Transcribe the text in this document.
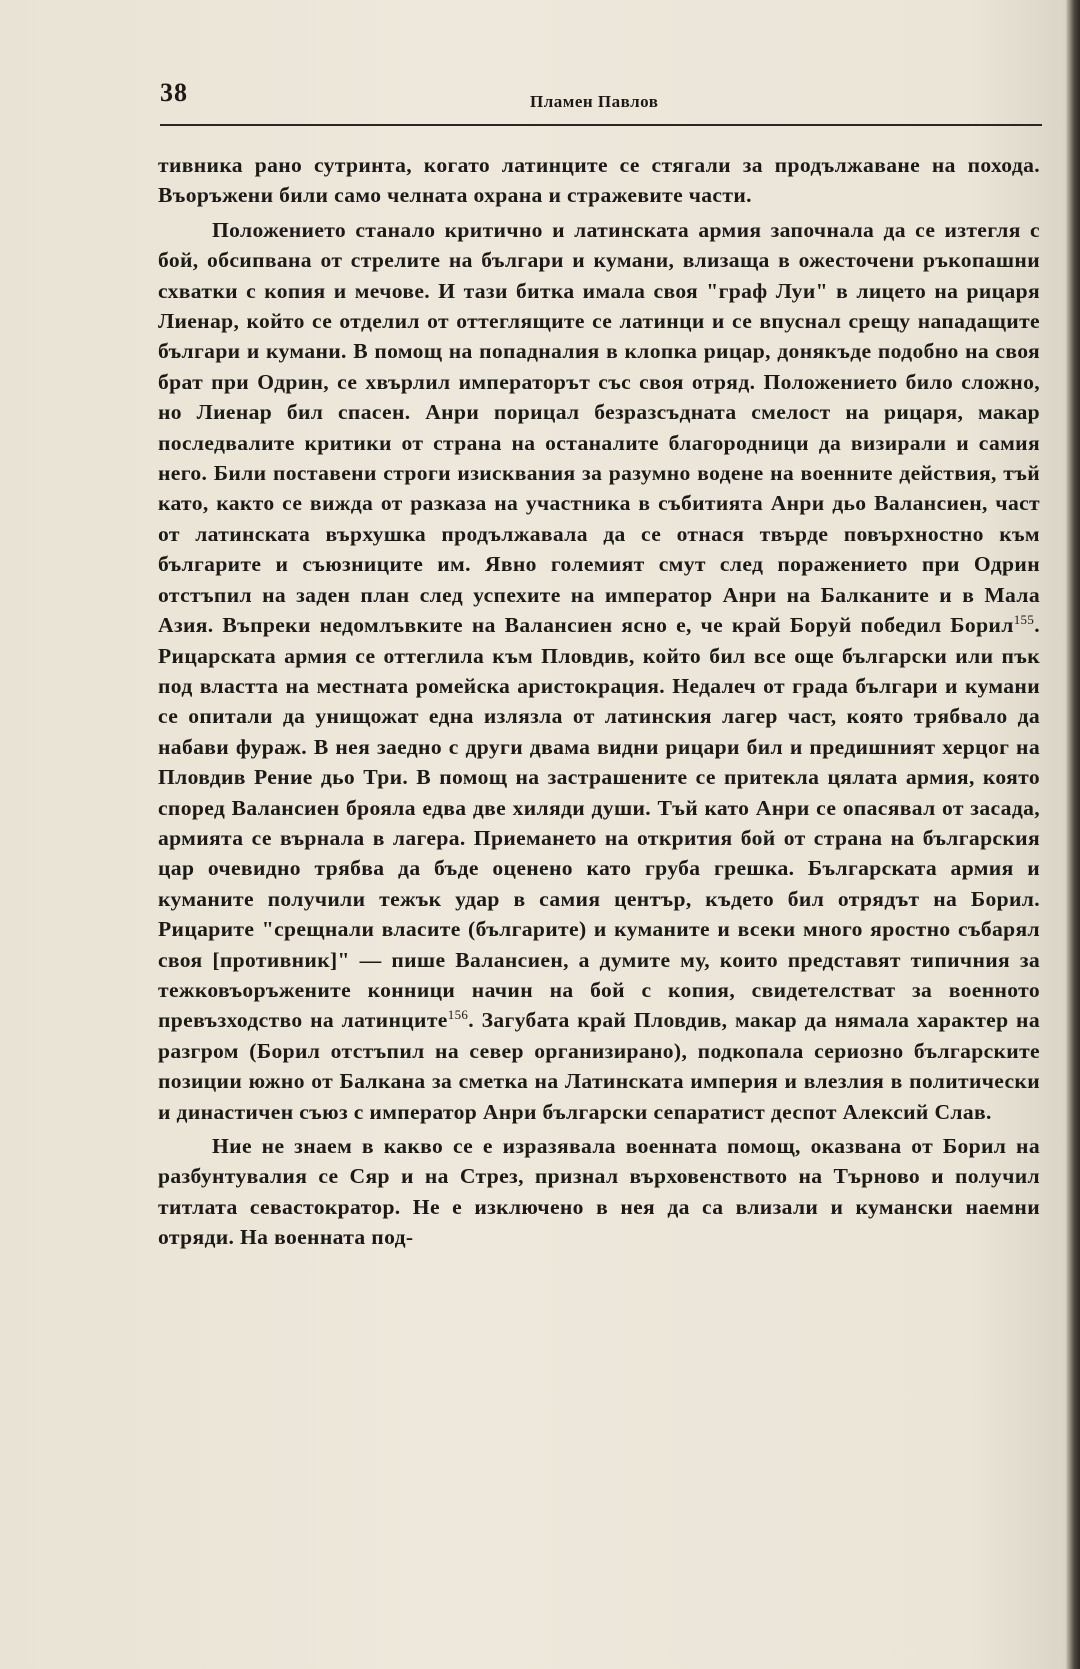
38	Пламен Павлов

тивника рано сутринта, когато латинците се стягали за продължаване на похода. Въоръжени били само челната охрана и стражевите части.

Положението станало критично и латинската армия започнала да се изтегля с бой, обсипвана от стрелите на българи и кумани, влизаща в ожесточени ръкопашни схватки с копия и мечове. И тази битка имала своя "граф Луи" в лицето на рицаря Лиенар, който се отделил от оттеглящите се латинци и се впуснал срещу нападащите българи и кумани. В помощ на попадналия в клопка рицар, донякъде подобно на своя брат при Одрин, се хвърлил императорът със своя отряд. Положението било сложно, но Лиенар бил спасен. Анри порицал безразсъдната смелост на рицаря, макар последвалите критики от страна на останалите благородници да визирали и самия него. Били поставени строги изисквания за разумно водене на военните действия, тъй като, както се вижда от разказа на участника в събитията Анри дьо Валансиен, част от латинската върхушка продължавала да се отнася твърде повърхностно към българите и съюзниците им. Явно големият смут след поражението при Одрин отстъпил на заден план след успехите на император Анри на Балканите и в Мала Азия. Въпреки недомлъвките на Валансиен ясно е, че край Боруй победил Борил$^{155}$. Рицарската армия се оттеглила към Пловдив, който бил все още български или пък под властта на местната ромейска аристокрация. Недалеч от града българи и кумани се опитали да унищожат една излязла от латинския лагер част, която трябвало да набави фураж. В нея заедно с други двама видни рицари бил и предишният херцог на Пловдив Рение дьо Три. В помощ на застрашените се притекла цялата армия, която според Валансиен брояла едва две хиляди души. Тъй като Анри се опасявал от засада, армията се върнала в лагера. Приемането на открития бой от страна на българския цар очевидно трябва да бъде оценено като груба грешка. Българската армия и куманите получили тежък удар в самия център, където бил отрядът на Борил. Рицарите "срещнали власите (българите) и куманите и всеки много яростно събарял своя [противник]" — пише Валансиен, а думите му, които представят типичния за тежковъоръжените конници начин на бой с копия, свидетелстват за военното превъзходство на латинците$^{156}$. Загубата край Пловдив, макар да нямала характер на разгром (Борил отстъпил на север организирано), подкопала сериозно българските позиции южно от Балкана за сметка на Латинската империя и влезлия в политически и династичен съюз с император Анри български сепаратист деспот Алексий Слав.

Ние не знаем в какво се е изразявала военната помощ, оказвана от Борил на разбунтувалия се Сяр и на Стрез, признал върховенството на Търново и получил титлата севастократор. Не е изключено в нея да са влизали и кумански наемни отряди. На военната под-
